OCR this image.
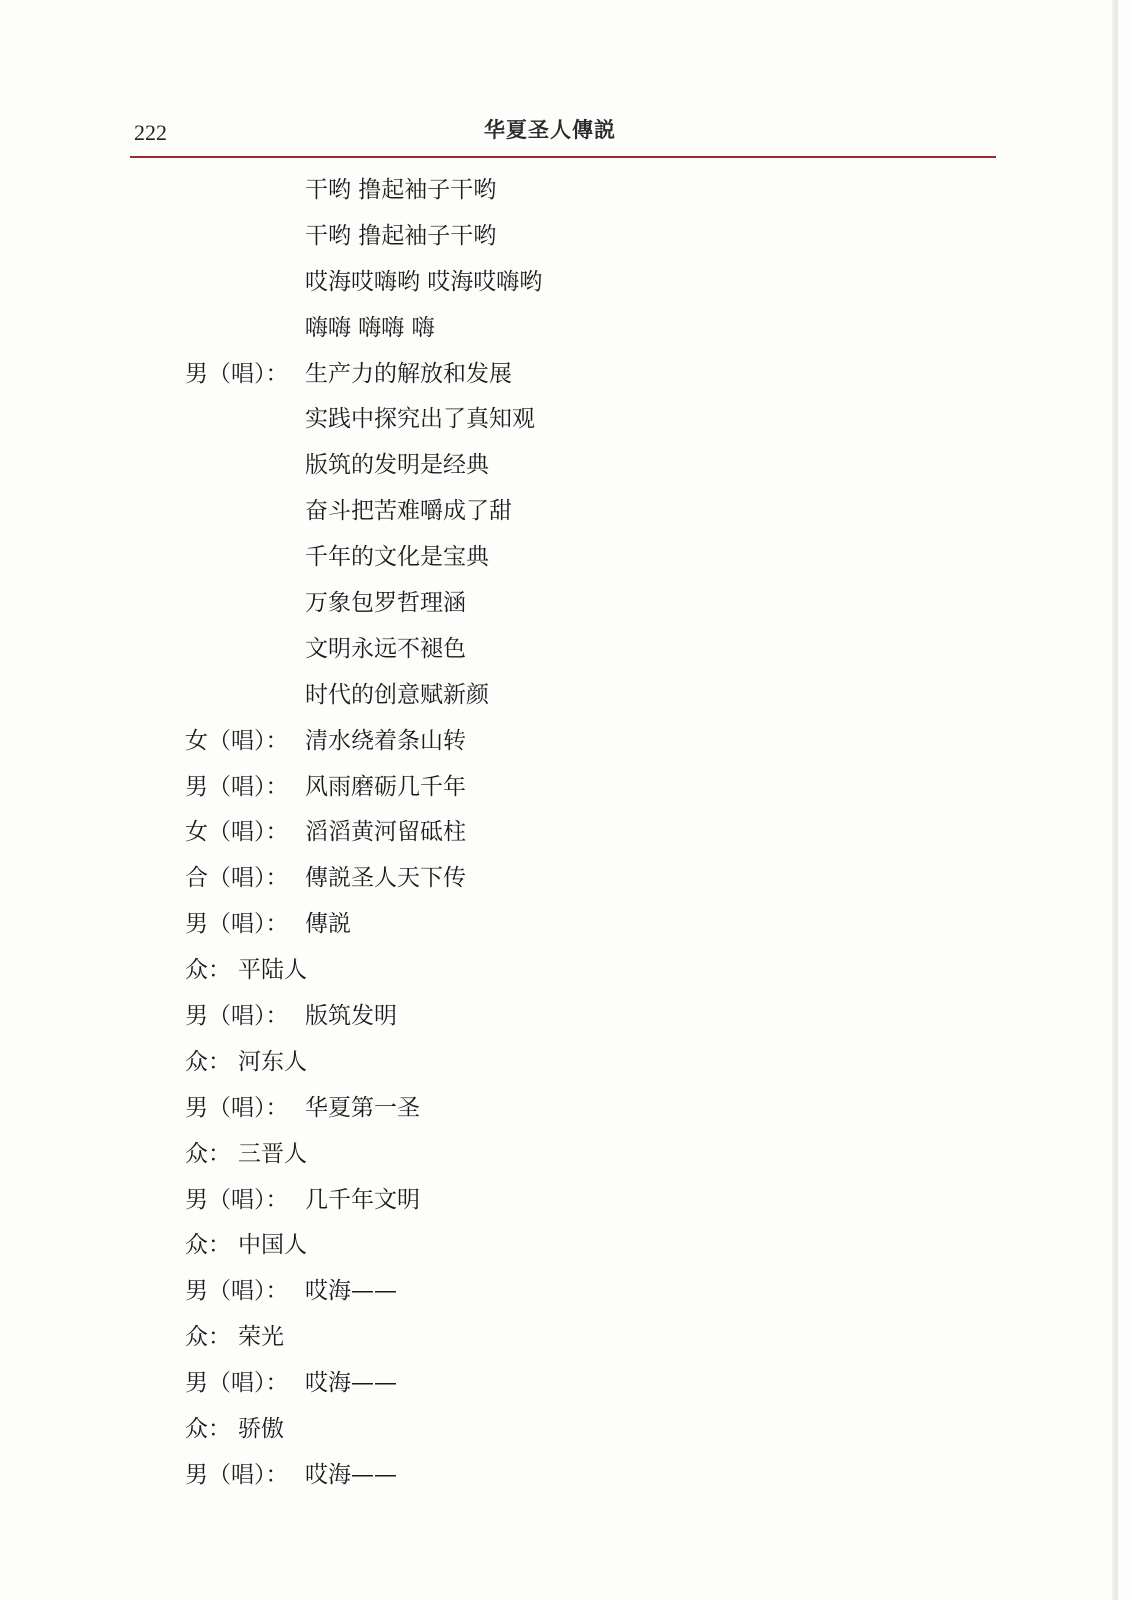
222	华夏圣人傳説
干哟 撸起袖子干哟
干哟 撸起袖子干哟
哎海哎嗨哟 哎海哎嗨哟
嗨嗨 嗨嗨 嗨
男（唱）： 生产力的解放和发展
实践中探究出了真知观
版筑的发明是经典
奋斗把苦难嚼成了甜
千年的文化是宝典
万象包罗哲理涵
文明永远不褪色
时代的创意赋新颜
女（唱）： 清水绕着条山转
男（唱）： 风雨磨砺几千年
女（唱）： 滔滔黄河留砥柱
合（唱）： 傳説圣人天下传
男（唱）： 傳説
众： 平陆人
男（唱）： 版筑发明
众： 河东人
男（唱）： 华夏第一圣
众： 三晋人
男（唱）： 几千年文明
众： 中国人
男（唱）： 哎海——
众： 荣光
男（唱）： 哎海——
众： 骄傲
男（唱）： 哎海——
